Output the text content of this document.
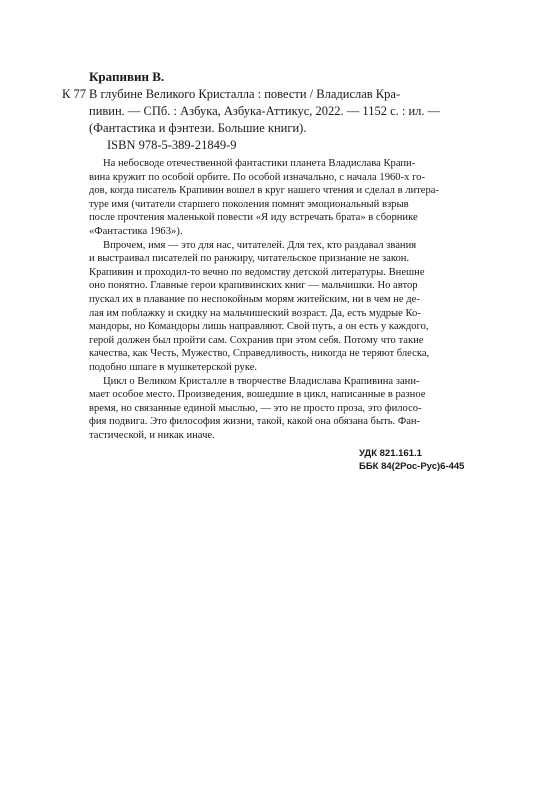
Крапивин В.
К 77 В глубине Великого Кристалла : повести / Владислав Кра-
пивин. — СПб. : Азбука, Азбука-Аттикус, 2022. — 1152 с. : ил. —
(Фантастика и фэнтези. Большие книги).
ISBN 978-5-389-21849-9
На небосводе отечественной фантастики планета Владислава Крапи-
вина кружит по особой орбите. По особой изначально, с начала 1960-х го-
дов, когда писатель Крапивин вошел в круг нашего чтения и сделал в литера-
туре имя (читатели старшего поколения помнят эмоциональный взрыв
после прочтения маленькой повести «Я иду встречать брата» в сборнике
«Фантастика 1963»).
Впрочем, имя — это для нас, читателей. Для тех, кто раздавал звания
и выстраивал писателей по ранжиру, читательское признание не закон.
Крапивин и проходил-то вечно по ведомству детской литературы. Внешне
оно понятно. Главные герои крапивинских книг — мальчишки. Но автор
пускал их в плавание по неспокойным морям житейским, ни в чем не де-
лая им поблажку и скидку на мальчишеский возраст. Да, есть мудрые Ко-
мандоры, но Командоры лишь направляют. Свой путь, а он есть у каждого,
герой должен был пройти сам. Сохранив при этом себя. Потому что такие
качества, как Честь, Мужество, Справедливость, никогда не теряют блеска,
подобно шпаге в мушкетерской руке.
Цикл о Великом Кристалле в творчестве Владислава Крапивина зани-
мает особое место. Произведения, вошедшие в цикл, написанные в разное
время, но связанные единой мыслью, — это не просто проза, это филосо-
фия подвига. Это философия жизни, такой, какой она обязана быть. Фан-
тастической, и никак иначе.
УДК 821.161.1
ББК 84(2Рос-Рус)6-445
